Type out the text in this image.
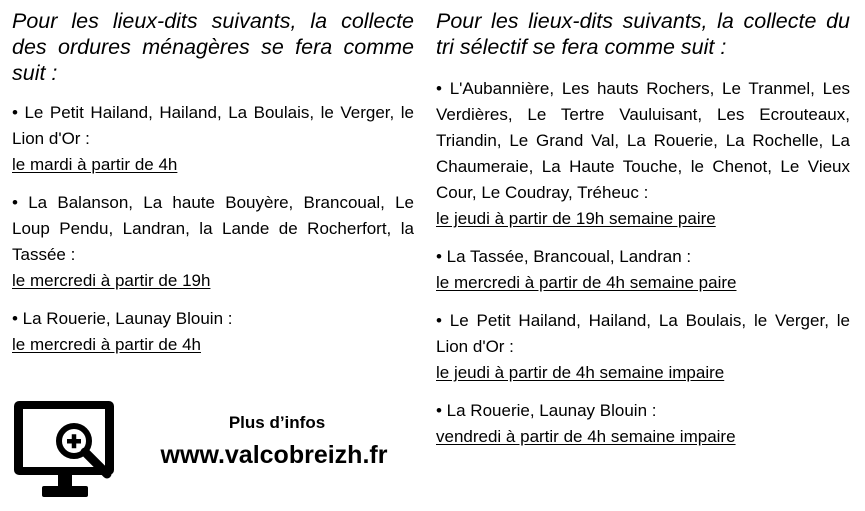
Pour les lieux-dits suivants, la collecte des ordures ménagères se fera comme suit :

• Le Petit Hailand, Hailand, La Boulais, le Verger, le Lion d'Or :

le mardi à partir de 4h

• La Balanson, La haute Bouyère, Brancoual, Le Loup Pendu, Landran, la Lande de Rocherfort, la Tassée :

le mercredi à partir de 19h

• La Rouerie, Launay Blouin :

le mercredi à partir de 4h

Pour les lieux-dits suivants, la collecte du tri sélectif se fera comme suit :

• L'Aubannière, Les hauts Rochers, Le Tranmel, Les Verdières, Le Tertre Vauluisant, Les Ecrouteaux, Triandin, Le Grand Val, La Rouerie, La Rochelle, La Chaumeraie, La Haute Touche, le Chenot, Le Vieux Cour, Le Coudray, Tréheuc :

le jeudi à partir de 19h semaine paire

• La Tassée, Brancoual, Landran :

le mercredi à partir de 4h semaine paire

• Le Petit Hailand, Hailand, La Boulais, le Verger, le Lion d'Or :

le jeudi à partir de 4h semaine impaire

• La Rouerie, Launay Blouin :

vendredi à partir de 4h semaine impaire
Plus d’infos
www.valcobreizh.fr
